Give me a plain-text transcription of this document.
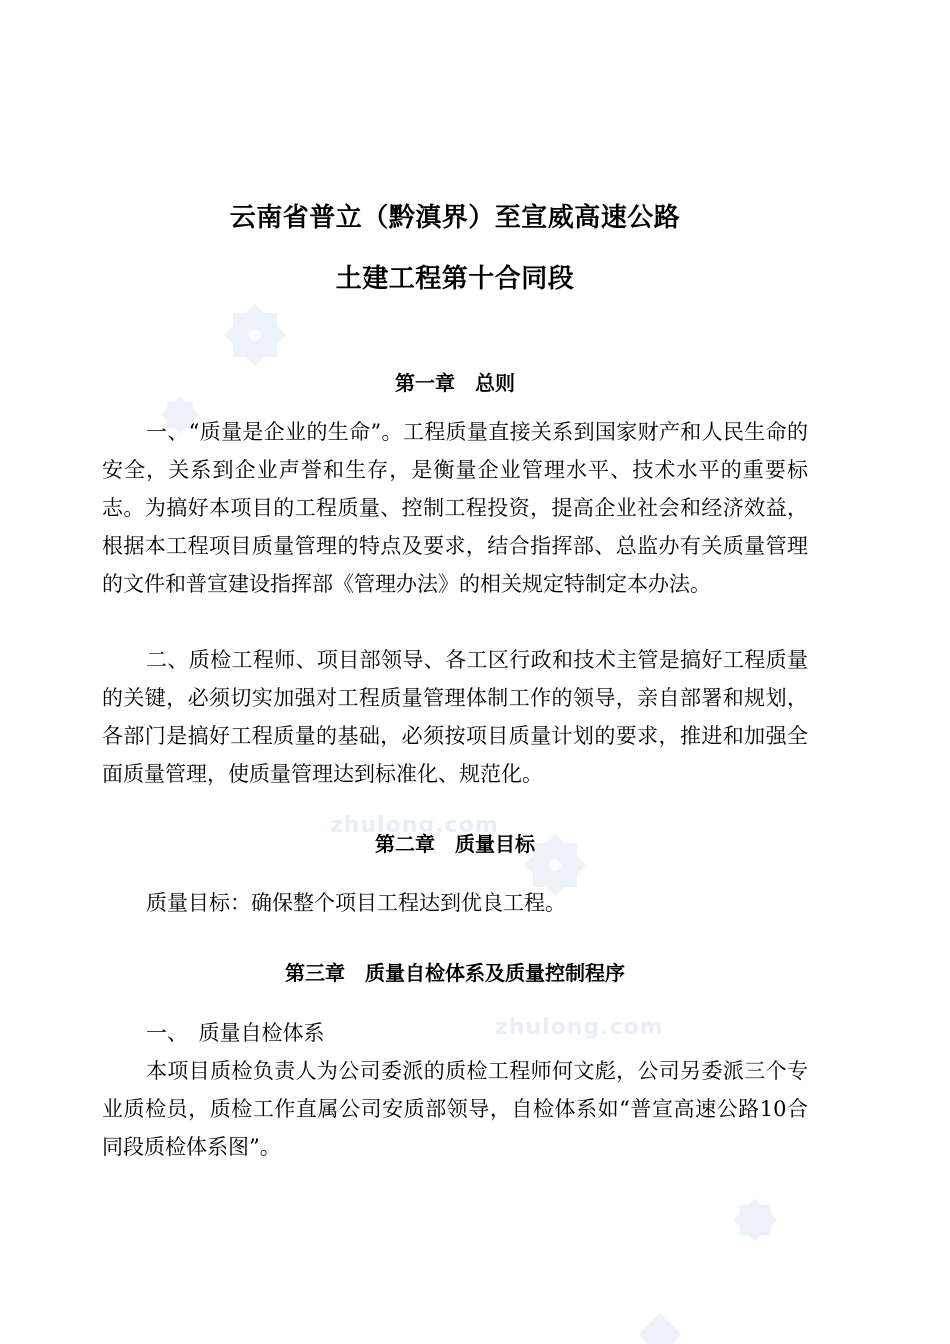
zhulong.com
zhulong.com
云南省普立（黔滇界）至宣威高速公路
土建工程第十合同段
第一章　总则

一、“质量是企业的生命”。工程质量直接关系到国家财产和人民生命的安全，关系到企业声誉和生存，是衡量企业管理水平、技术水平的重要标志。为搞好本项目的工程质量、控制工程投资，提高企业社会和经济效益，根据本工程项目质量管理的特点及要求，结合指挥部、总监办有关质量管理的文件和普宣建设指挥部《管理办法》的相关规定特制定本办法。

二、质检工程师、项目部领导、各工区行政和技术主管是搞好工程质量的关键，必须切实加强对工程质量管理体制工作的领导，亲自部署和规划，各部门是搞好工程质量的基础，必须按项目质量计划的要求，推进和加强全面质量管理，使质量管理达到标准化、规范化。

第二章　质量目标
质量目标：确保整个项目工程达到优良工程。
第三章　质量自检体系及质量控制程序
一、　质量自检体系

本项目质检负责人为公司委派的质检工程师何文彪，公司另委派三个专业质检员，质检工作直属公司安质部领导，自检体系如“普宣高速公路10合同段质检体系图”。
